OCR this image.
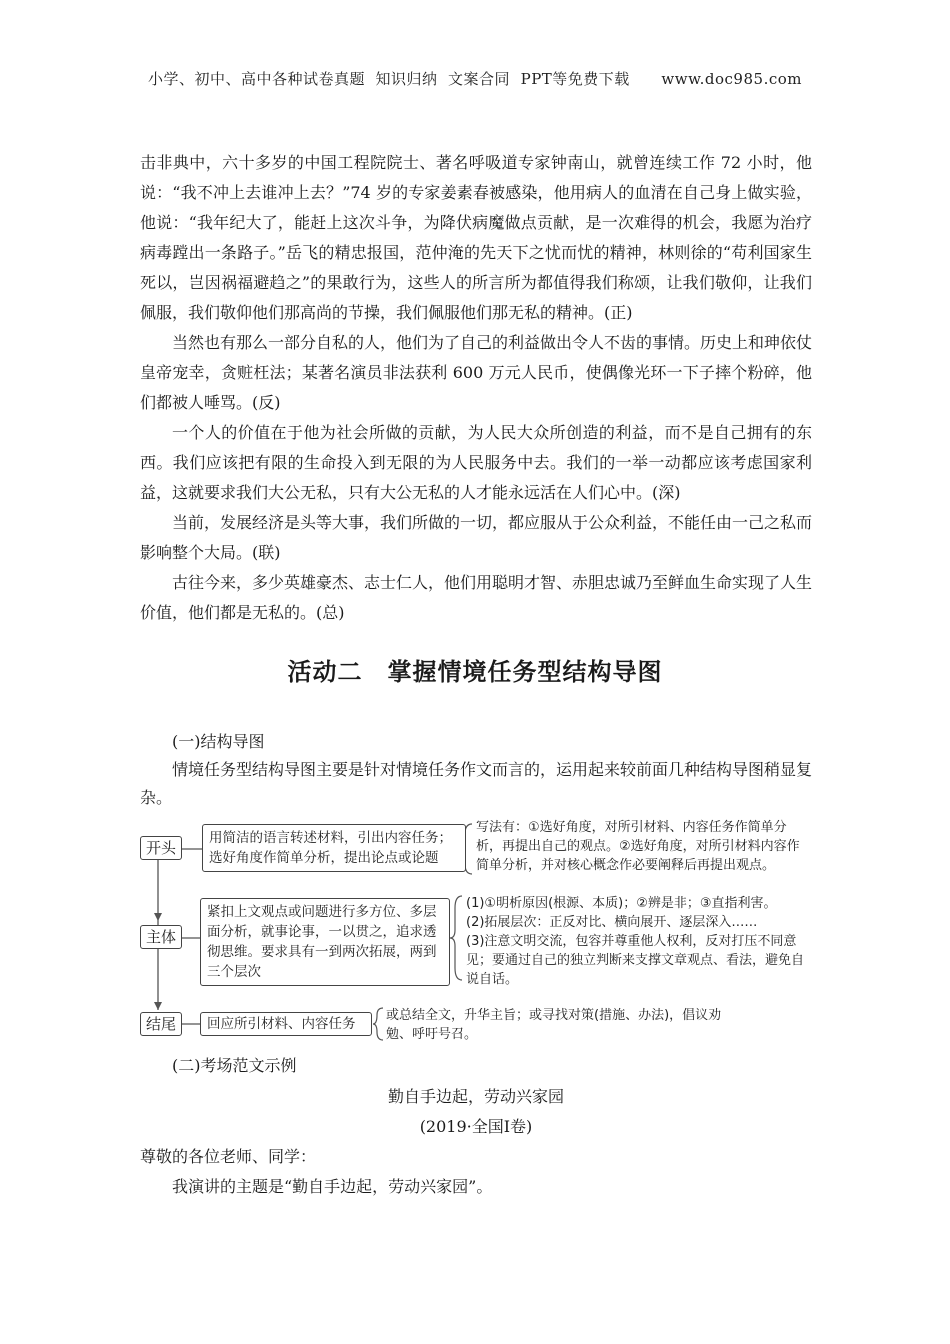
小学、初中、高中各种试卷真题  知识归纳  文案合同  PPT等免费下载      www.doc985.com

击非典中，六十多岁的中国工程院院士、著名呼吸道专家钟南山，就曾连续工作 72 小时，他说：“我不冲上去谁冲上去？”74 岁的专家姜素春被感染，他用病人的血清在自己身上做实验，他说：“我年纪大了，能赶上这次斗争，为降伏病魔做点贡献，是一次难得的机会，我愿为治疗病毒蹚出一条路子。”岳飞的精忠报国，范仲淹的先天下之忧而忧的精神，林则徐的“苟利国家生死以，岂因祸福避趋之”的果敢行为，这些人的所言所为都值得我们称颂，让我们敬仰，让我们佩服，我们敬仰他们那高尚的节操，我们佩服他们那无私的精神。(正)

当然也有那么一部分自私的人，他们为了自己的利益做出令人不齿的事情。历史上和珅依仗皇帝宠幸，贪赃枉法；某著名演员非法获利 600 万元人民币，使偶像光环一下子摔个粉碎，他们都被人唾骂。(反)

一个人的价值在于他为社会所做的贡献，为人民大众所创造的利益，而不是自己拥有的东西。我们应该把有限的生命投入到无限的为人民服务中去。我们的一举一动都应该考虑国家利益，这就要求我们大公无私，只有大公无私的人才能永远活在人们心中。(深)

当前，发展经济是头等大事，我们所做的一切，都应服从于公众利益，不能任由一己之私而影响整个大局。(联)

古往今来，多少英雄豪杰、志士仁人，他们用聪明才智、赤胆忠诚乃至鲜血生命实现了人生价值，他们都是无私的。(总)

活动二　掌握情境任务型结构导图

(一)结构导图

情境任务型结构导图主要是针对情境任务作文而言的，运用起来较前面几种结构导图稍显复杂。

开头
用简洁的语言转述材料，引出内容任务；选好角度作简单分析，提出论点或论题
写法有：①选好角度，对所引材料、内容任务作简单分析，再提出自己的观点。②选好角度，对所引材料内容作简单分析，并对核心概念作必要阐释后再提出观点。
主体
紧扣上文观点或问题进行多方位、多层面分析，就事论事，一以贯之，追求透彻思维。要求具有一到两次拓展，两到三个层次
(1)①明析原因(根源、本质)；②辨是非；③直指利害。
(2)拓展层次：正反对比、横向展开、逐层深入……
(3)注意文明交流，包容并尊重他人权利，反对打压不同意见；要通过自己的独立判断来支撑文章观点、看法，避免自说自话。
结尾	回应所引材料、内容任务
或总结全文，升华主旨；或寻找对策(措施、办法)，倡议劝勉、呼吁号召。

(二)考场范文示例

勤自手边起，劳动兴家园

(2019·全国Ⅰ卷)

尊敬的各位老师、同学：

我演讲的主题是“勤自手边起，劳动兴家园”。
